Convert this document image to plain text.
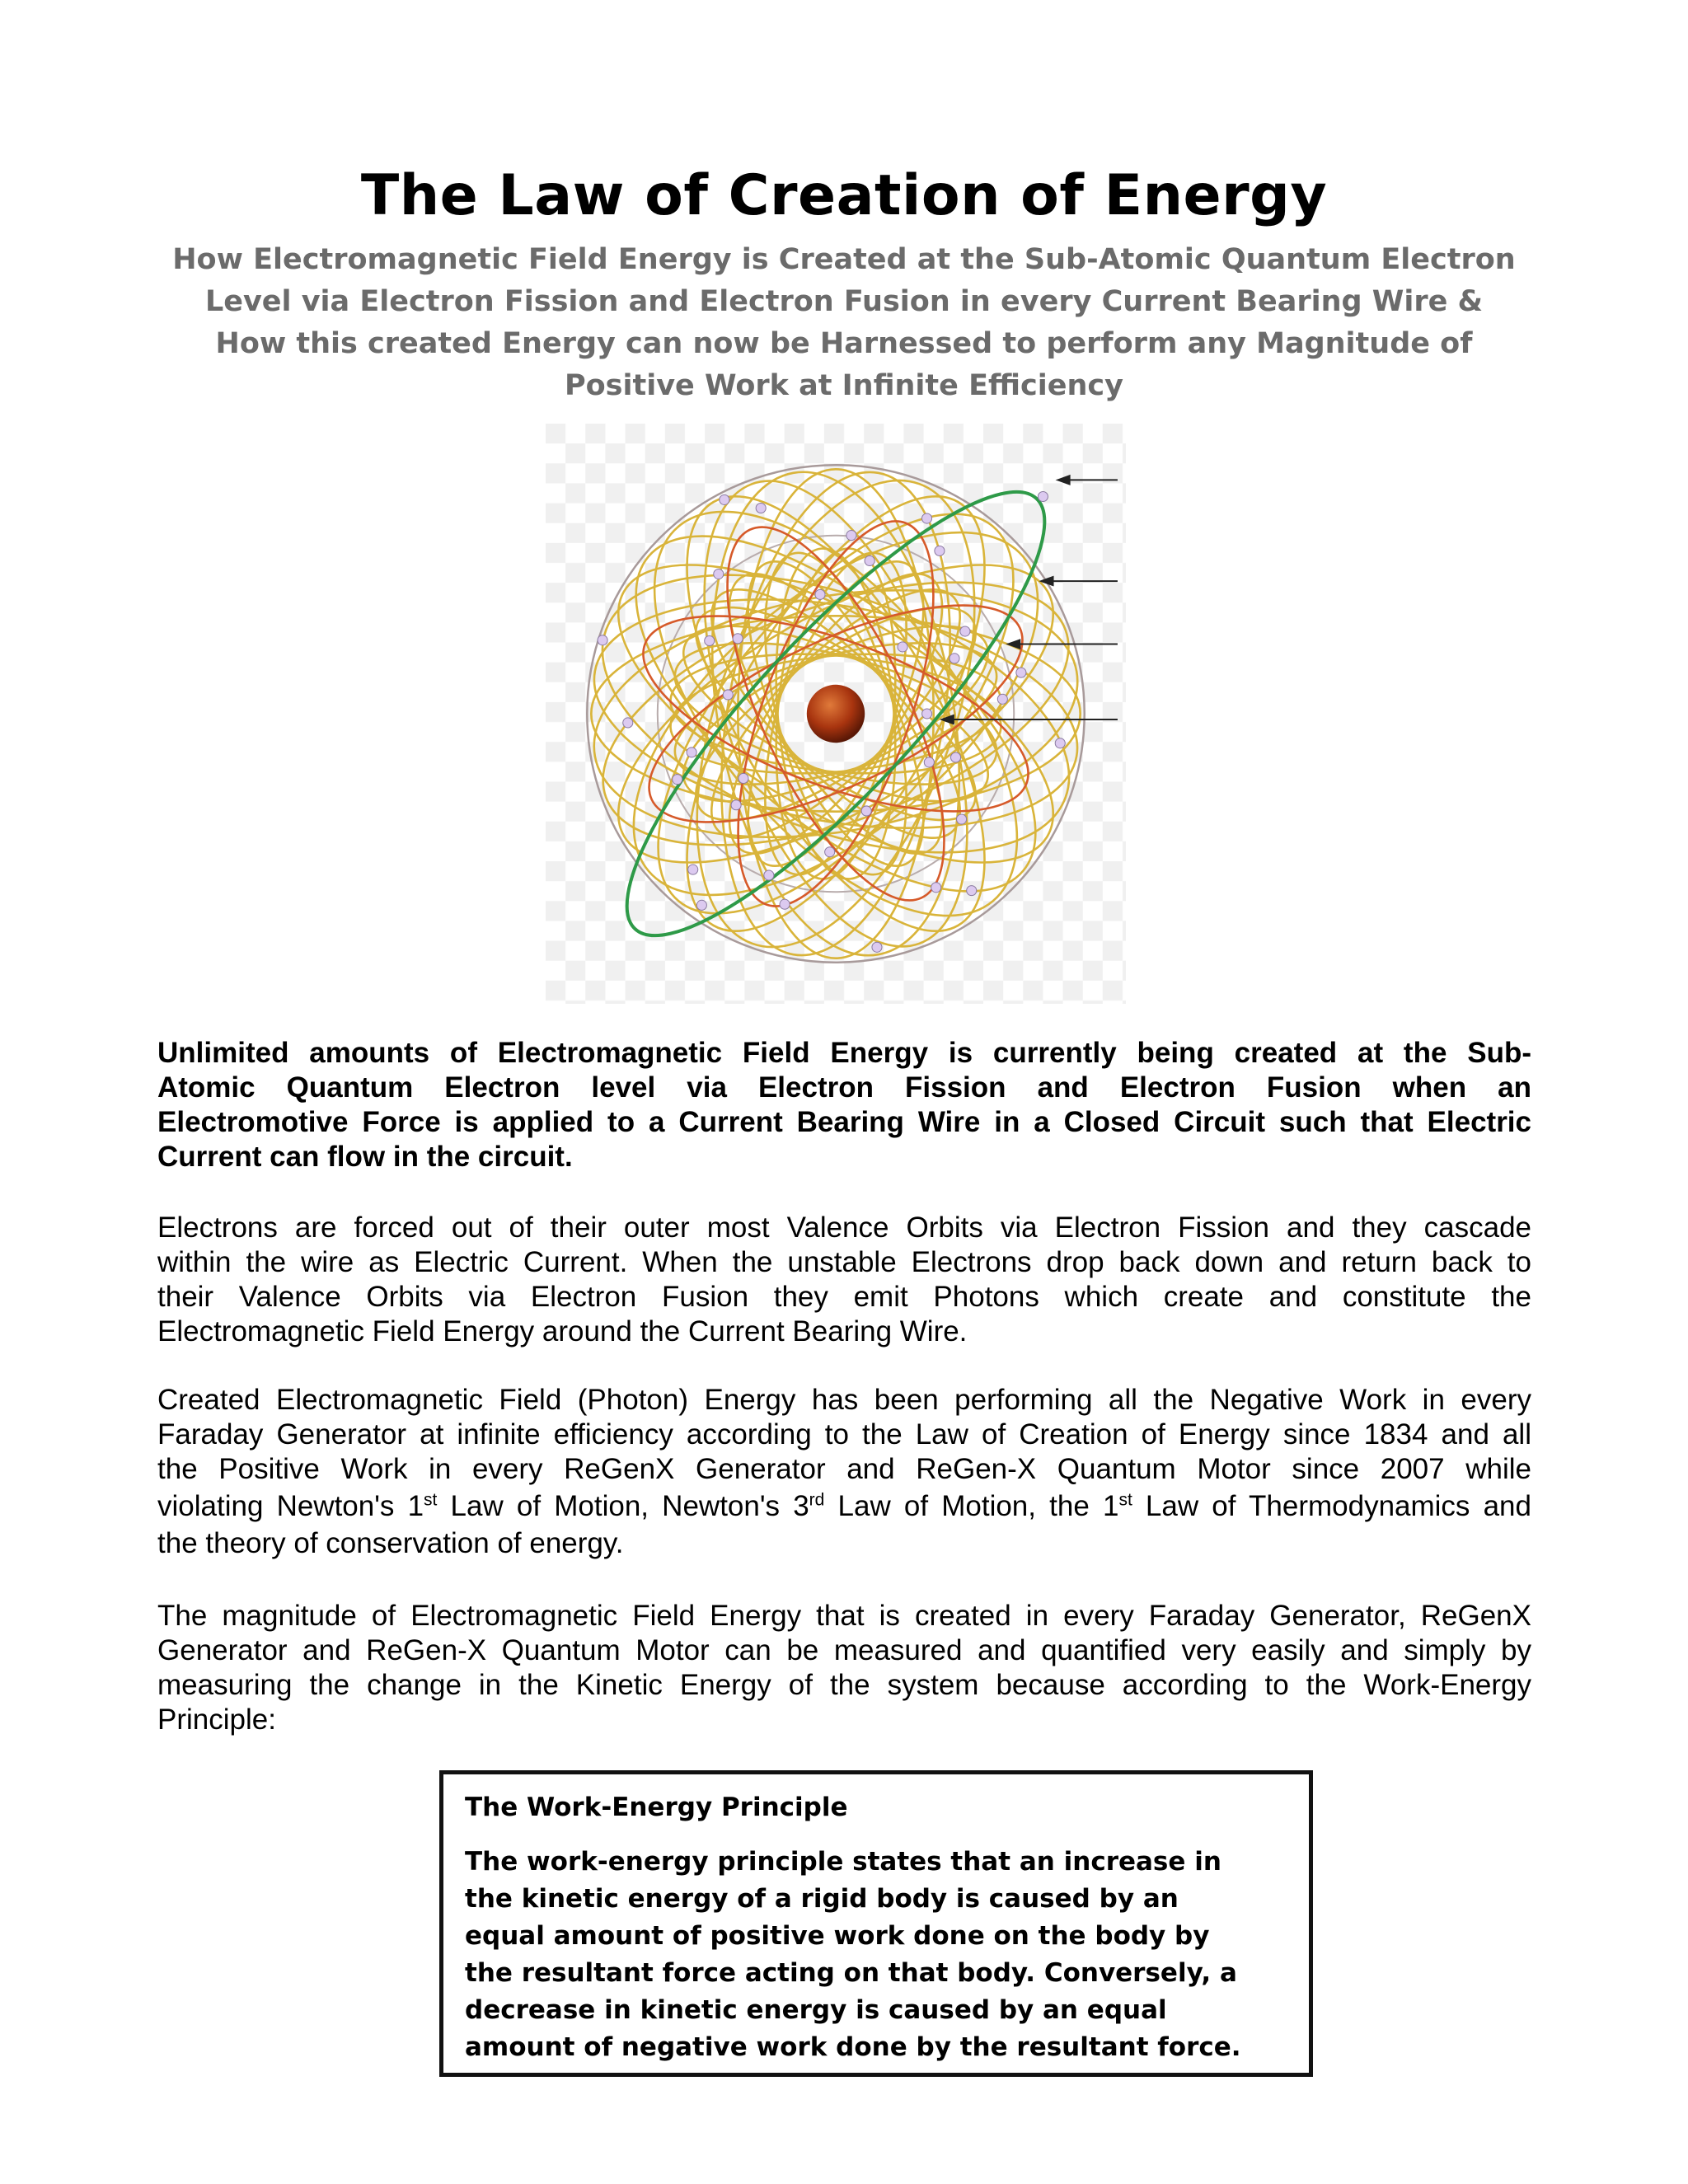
The Law of Creation of Energy
How Electromagnetic Field Energy is Created at the Sub-Atomic Quantum Electron
Level via Electron Fission and Electron Fusion in every Current Bearing Wire &
How this created Energy can now be Harnessed to perform any Magnitude of
Positive Work at Infinite Efficiency

Unlimited amounts of Electromagnetic Field Energy is currently being created at the Sub-
Atomic Quantum Electron level via Electron Fission and Electron Fusion when an
Electromotive Force is applied to a Current Bearing Wire in a Closed Circuit such that Electric
Current can flow in the circuit.

Electrons are forced out of their outer most Valence Orbits via Electron Fission and they cascade
within the wire as Electric Current. When the unstable Electrons drop back down and return back to
their Valence Orbits via Electron Fusion they emit Photons which create and constitute the
Electromagnetic Field Energy around the Current Bearing Wire.

Created Electromagnetic Field (Photon) Energy has been performing all the Negative Work in every
Faraday Generator at infinite efficiency according to the Law of Creation of Energy since 1834 and all
the Positive Work in every ReGenX Generator and ReGen-X Quantum Motor since 2007 while
violating Newton's 1st Law of Motion, Newton's 3rd Law of Motion, the 1st Law of Thermodynamics and
the theory of conservation of energy.

The magnitude of Electromagnetic Field Energy that is created in every Faraday Generator, ReGenX
Generator and ReGen-X Quantum Motor can be measured and quantified very easily and simply by
measuring the change in the Kinetic Energy of the system because according to the Work-Energy
Principle:

The Work-Energy Principle
The work-energy principle states that an increase in
the kinetic energy of a rigid body is caused by an
equal amount of positive work done on the body by
the resultant force acting on that body. Conversely, a
decrease in kinetic energy is caused by an equal
amount of negative work done by the resultant force.
